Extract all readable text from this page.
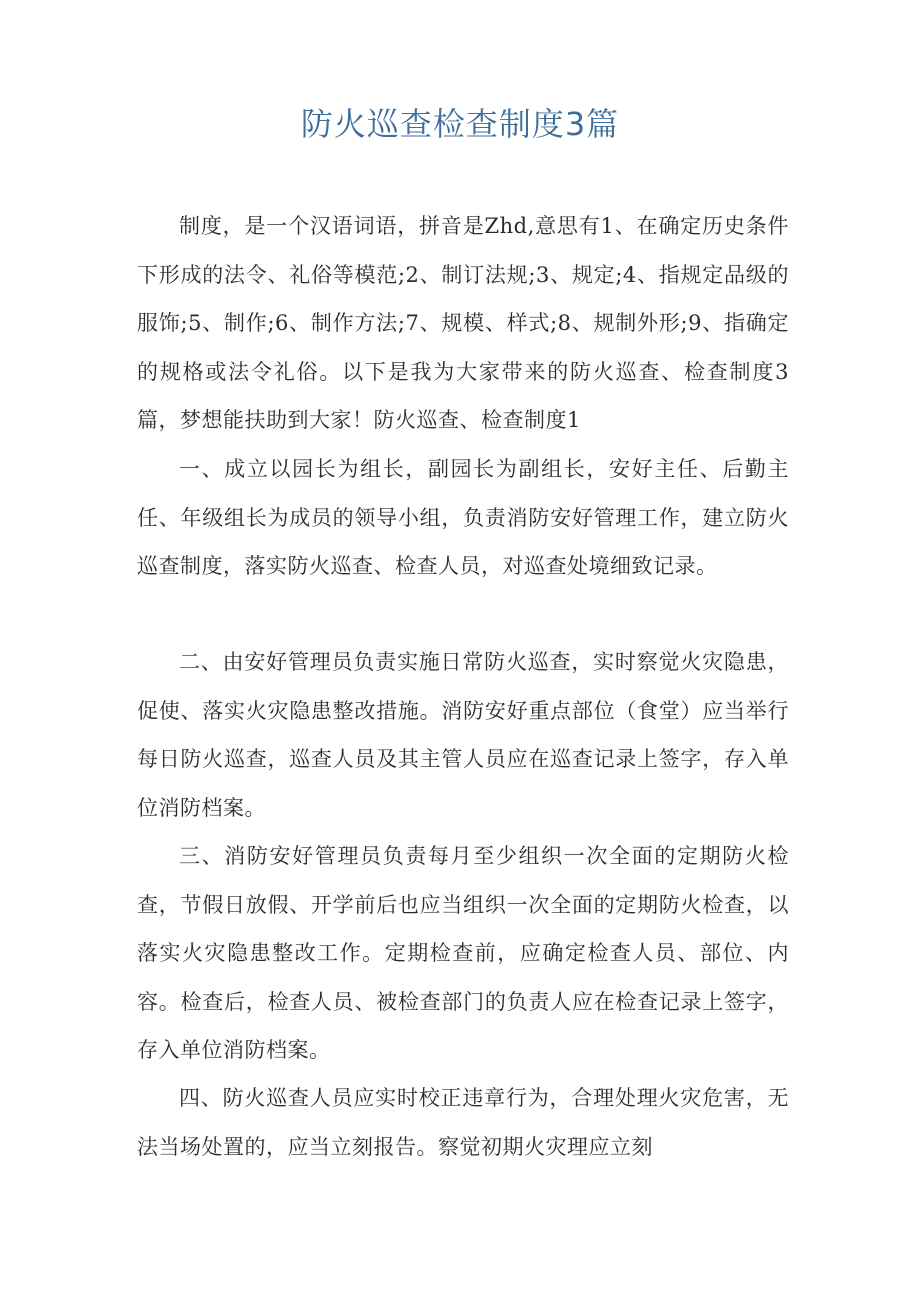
防火巡查检查制度3篇

制度，是一个汉语词语，拼音是Zhd,意思有1、在确定历史条件下形成的法令、礼俗等模范;2、制订法规;3、规定;4、指规定品级的服饰;5、制作;6、制作方法;7、规模、样式;8、规制外形;9、指确定的规格或法令礼俗。以下是我为大家带来的防火巡查、检查制度3篇，梦想能扶助到大家！防火巡查、检查制度1

一、成立以园长为组长，副园长为副组长，安好主任、后勤主任、年级组长为成员的领导小组，负责消防安好管理工作，建立防火巡查制度，落实防火巡查、检查人员，对巡查处境细致记录。

二、由安好管理员负责实施日常防火巡查，实时察觉火灾隐患，促使、落实火灾隐患整改措施。消防安好重点部位（食堂）应当举行每日防火巡查，巡查人员及其主管人员应在巡查记录上签字，存入单位消防档案。

三、消防安好管理员负责每月至少组织一次全面的定期防火检查，节假日放假、开学前后也应当组织一次全面的定期防火检查，以落实火灾隐患整改工作。定期检查前，应确定检查人员、部位、内容。检查后，检查人员、被检查部门的负责人应在检查记录上签字，存入单位消防档案。

四、防火巡查人员应实时校正违章行为，合理处理火灾危害，无法当场处置的，应当立刻报告。察觉初期火灾理应立刻
